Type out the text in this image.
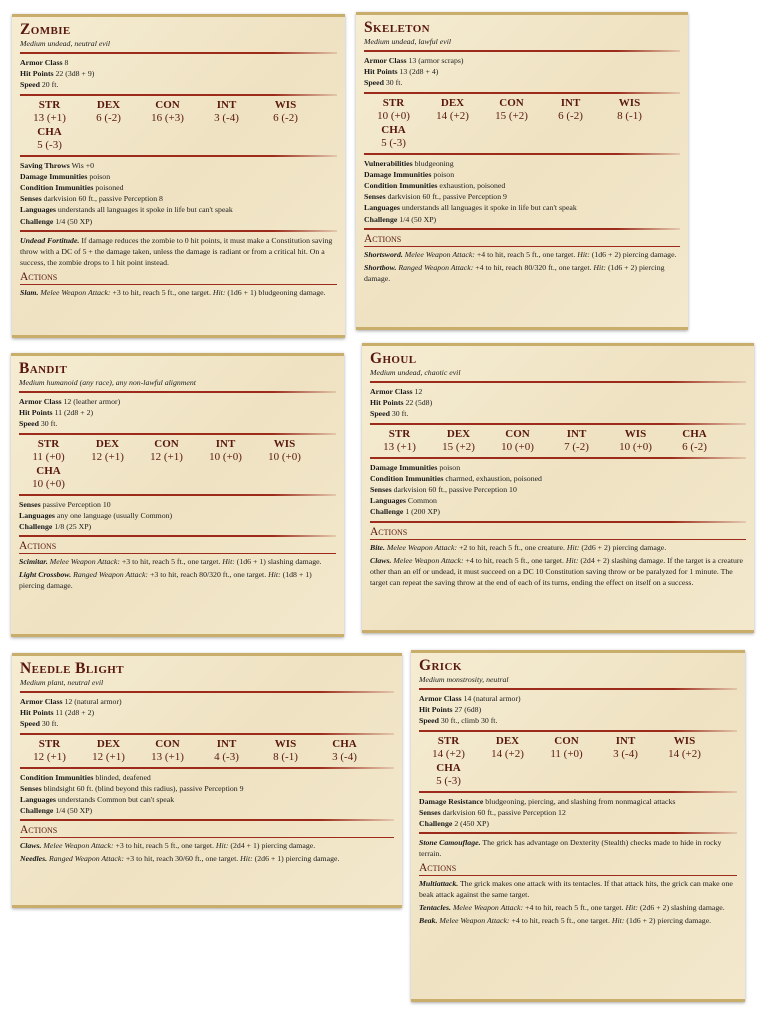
Zombie
Medium undead, neutral evil
Armor Class 8
Hit Points 22 (3d8 + 9)
Speed 20 ft.
STR
13 (+1)
DEX
6 (-2)
CON
16 (+3)
INT
3 (-4)
WIS
6 (-2)
CHA
5 (-3)
Saving Throws Wis +0
Damage Immunities poison
Condition Immunities poisoned
Senses darkvision 60 ft., passive Perception 8
Languages understands all languages it spoke in life but can't speak
Challenge 1/4 (50 XP)
Undead Fortitude. If damage reduces the zombie to 0 hit points, it must make a Constitution saving throw with a DC of 5 + the damage taken, unless the damage is radiant or from a critical hit. On a success, the zombie drops to 1 hit point instead.
Actions
Slam. Melee Weapon Attack: +3 to hit, reach 5 ft., one target. Hit: (1d6 + 1) bludgeoning damage.
Skeleton
Medium undead, lawful evil
Armor Class 13 (armor scraps)
Hit Points 13 (2d8 + 4)
Speed 30 ft.
STR
10 (+0)
DEX
14 (+2)
CON
15 (+2)
INT
6 (-2)
WIS
8 (-1)
CHA
5 (-3)
Vulnerabilities bludgeoning
Damage Immunities poison
Condition Immunities exhaustion, poisoned
Senses darkvision 60 ft., passive Perception 9
Languages understands all languages it spoke in life but can't speak
Challenge 1/4 (50 XP)
Actions
Shortsword. Melee Weapon Attack: +4 to hit, reach 5 ft., one target. Hit: (1d6 + 2) piercing damage.
Shortbow. Ranged Weapon Attack: +4 to hit, reach 80/320 ft., one target. Hit: (1d6 + 2) piercing damage.
Bandit
Medium humanoid (any race), any non-lawful alignment
Armor Class 12 (leather armor)
Hit Points 11 (2d8 + 2)
Speed 30 ft.
STR
11 (+0)
DEX
12 (+1)
CON
12 (+1)
INT
10 (+0)
WIS
10 (+0)
CHA
10 (+0)
Senses passive Perception 10
Languages any one language (usually Common)
Challenge 1/8 (25 XP)
Actions
Scimitar. Melee Weapon Attack: +3 to hit, reach 5 ft., one target. Hit: (1d6 + 1) slashing damage.
Light Crossbow. Ranged Weapon Attack: +3 to hit, reach 80/320 ft., one target. Hit: (1d8 + 1) piercing damage.
Ghoul
Medium undead, chaotic evil
Armor Class 12
Hit Points 22 (5d8)
Speed 30 ft.
STR
13 (+1)
DEX
15 (+2)
CON
10 (+0)
INT
7 (-2)
WIS
10 (+0)
CHA
6 (-2)
Damage Immunities poison
Condition Immunities charmed, exhaustion, poisoned
Senses darkvision 60 ft., passive Perception 10
Languages Common
Challenge 1 (200 XP)
Actions
Bite. Melee Weapon Attack: +2 to hit, reach 5 ft., one creature. Hit: (2d6 + 2) piercing damage.
Claws. Melee Weapon Attack: +4 to hit, reach 5 ft., one target. Hit: (2d4 + 2) slashing damage. If the target is a creature other than an elf or undead, it must succeed on a DC 10 Constitution saving throw or be paralyzed for 1 minute. The target can repeat the saving throw at the end of each of its turns, ending the effect on itself on a success.
Needle Blight
Medium plant, neutral evil
Armor Class 12 (natural armor)
Hit Points 11 (2d8 + 2)
Speed 30 ft.
STR
12 (+1)
DEX
12 (+1)
CON
13 (+1)
INT
4 (-3)
WIS
8 (-1)
CHA
3 (-4)
Condition Immunities blinded, deafened
Senses blindsight 60 ft. (blind beyond this radius), passive Perception 9
Languages understands Common but can't speak
Challenge 1/4 (50 XP)
Actions
Claws. Melee Weapon Attack: +3 to hit, reach 5 ft., one target. Hit: (2d4 + 1) piercing damage.
Needles. Ranged Weapon Attack: +3 to hit, reach 30/60 ft., one target. Hit: (2d6 + 1) piercing damage.
Grick
Medium monstrosity, neutral
Armor Class 14 (natural armor)
Hit Points 27 (6d8)
Speed 30 ft., climb 30 ft.
STR
14 (+2)
DEX
14 (+2)
CON
11 (+0)
INT
3 (-4)
WIS
14 (+2)
CHA
5 (-3)
Damage Resistance bludgeoning, piercing, and slashing from nonmagical attacks
Senses darkvision 60 ft., passive Perception 12
Challenge 2 (450 XP)
Stone Camouflage. The grick has advantage on Dexterity (Stealth) checks made to hide in rocky terrain.
Actions
Multiattack. The grick makes one attack with its tentacles. If that attack hits, the grick can make one beak attack against the same target.
Tentacles. Melee Weapon Attack: +4 to hit, reach 5 ft., one target. Hit: (2d6 + 2) slashing damage.
Beak. Melee Weapon Attack: +4 to hit, reach 5 ft., one target. Hit: (1d6 + 2) piercing damage.
